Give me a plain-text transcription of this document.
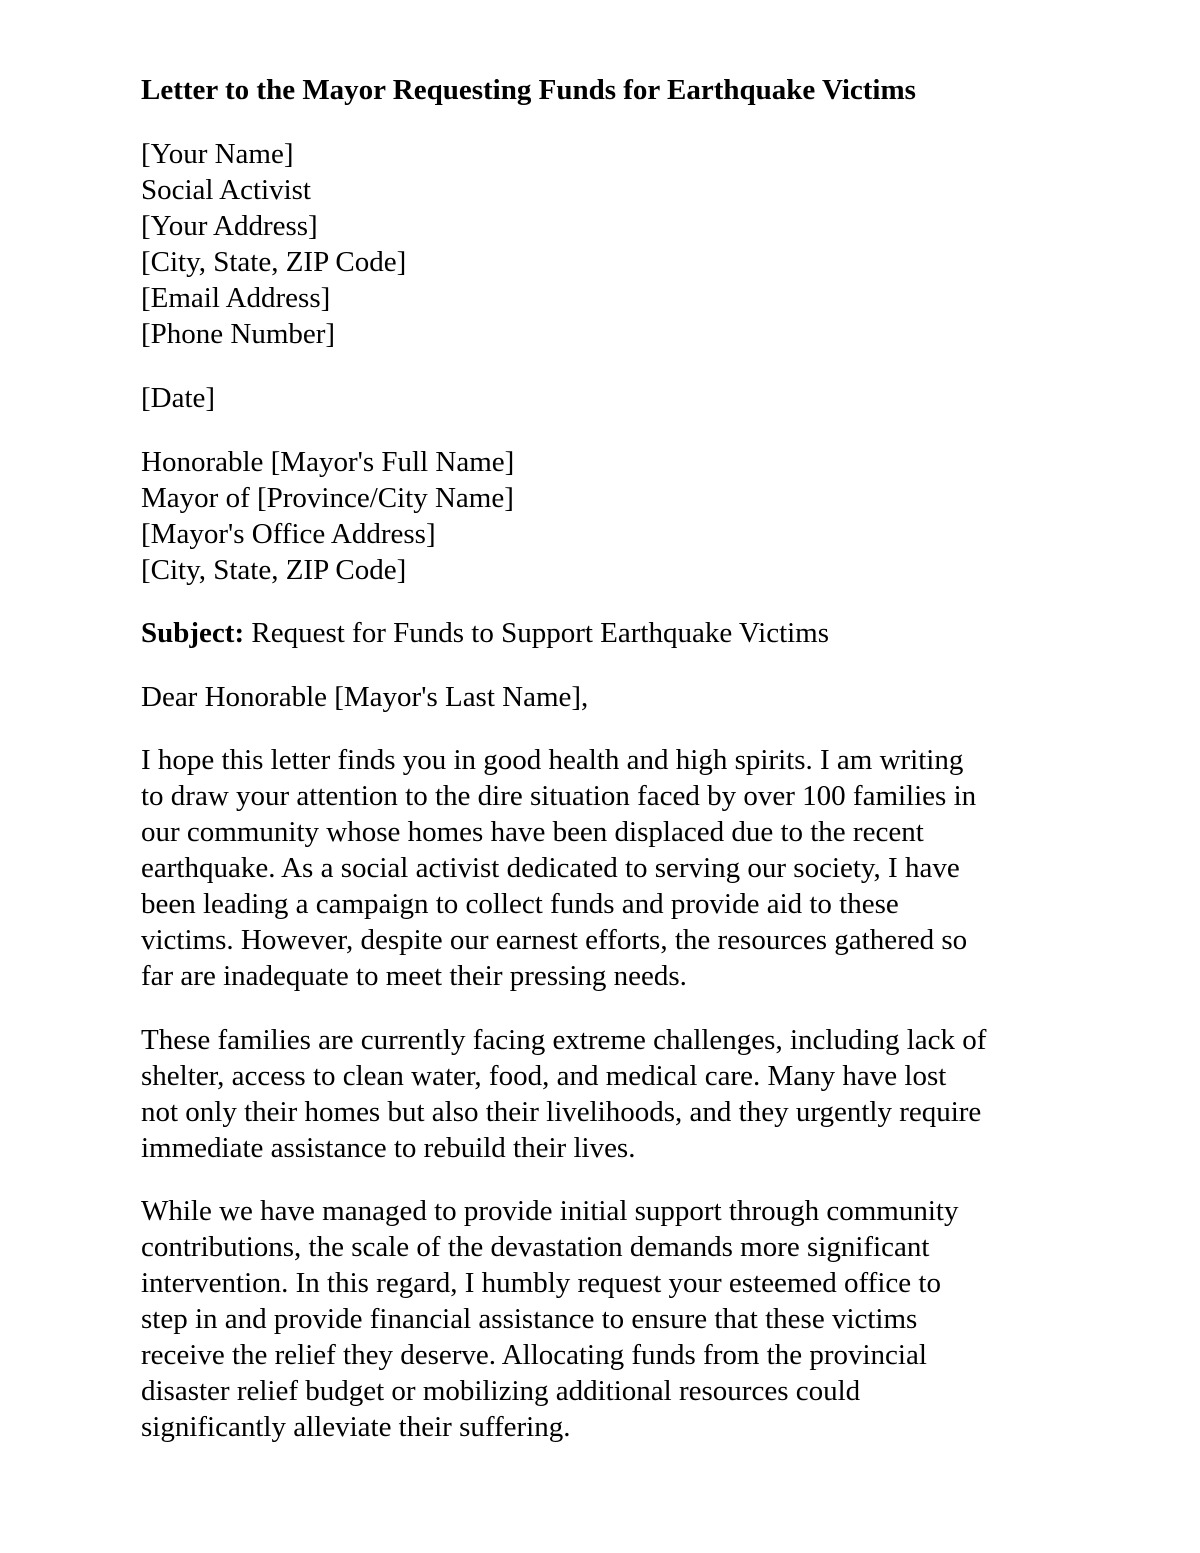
Letter to the Mayor Requesting Funds for Earthquake Victims
[Your Name]
Social Activist
[Your Address]
[City, State, ZIP Code]
[Email Address]
[Phone Number]
[Date]
Honorable [Mayor's Full Name]
Mayor of [Province/City Name]
[Mayor's Office Address]
[City, State, ZIP Code]
Subject: Request for Funds to Support Earthquake Victims
Dear Honorable [Mayor's Last Name],
I hope this letter finds you in good health and high spirits. I am writing
to draw your attention to the dire situation faced by over 100 families in
our community whose homes have been displaced due to the recent
earthquake. As a social activist dedicated to serving our society, I have
been leading a campaign to collect funds and provide aid to these
victims. However, despite our earnest efforts, the resources gathered so
far are inadequate to meet their pressing needs.
These families are currently facing extreme challenges, including lack of
shelter, access to clean water, food, and medical care. Many have lost
not only their homes but also their livelihoods, and they urgently require
immediate assistance to rebuild their lives.
While we have managed to provide initial support through community
contributions, the scale of the devastation demands more significant
intervention. In this regard, I humbly request your esteemed office to
step in and provide financial assistance to ensure that these victims
receive the relief they deserve. Allocating funds from the provincial
disaster relief budget or mobilizing additional resources could
significantly alleviate their suffering.
